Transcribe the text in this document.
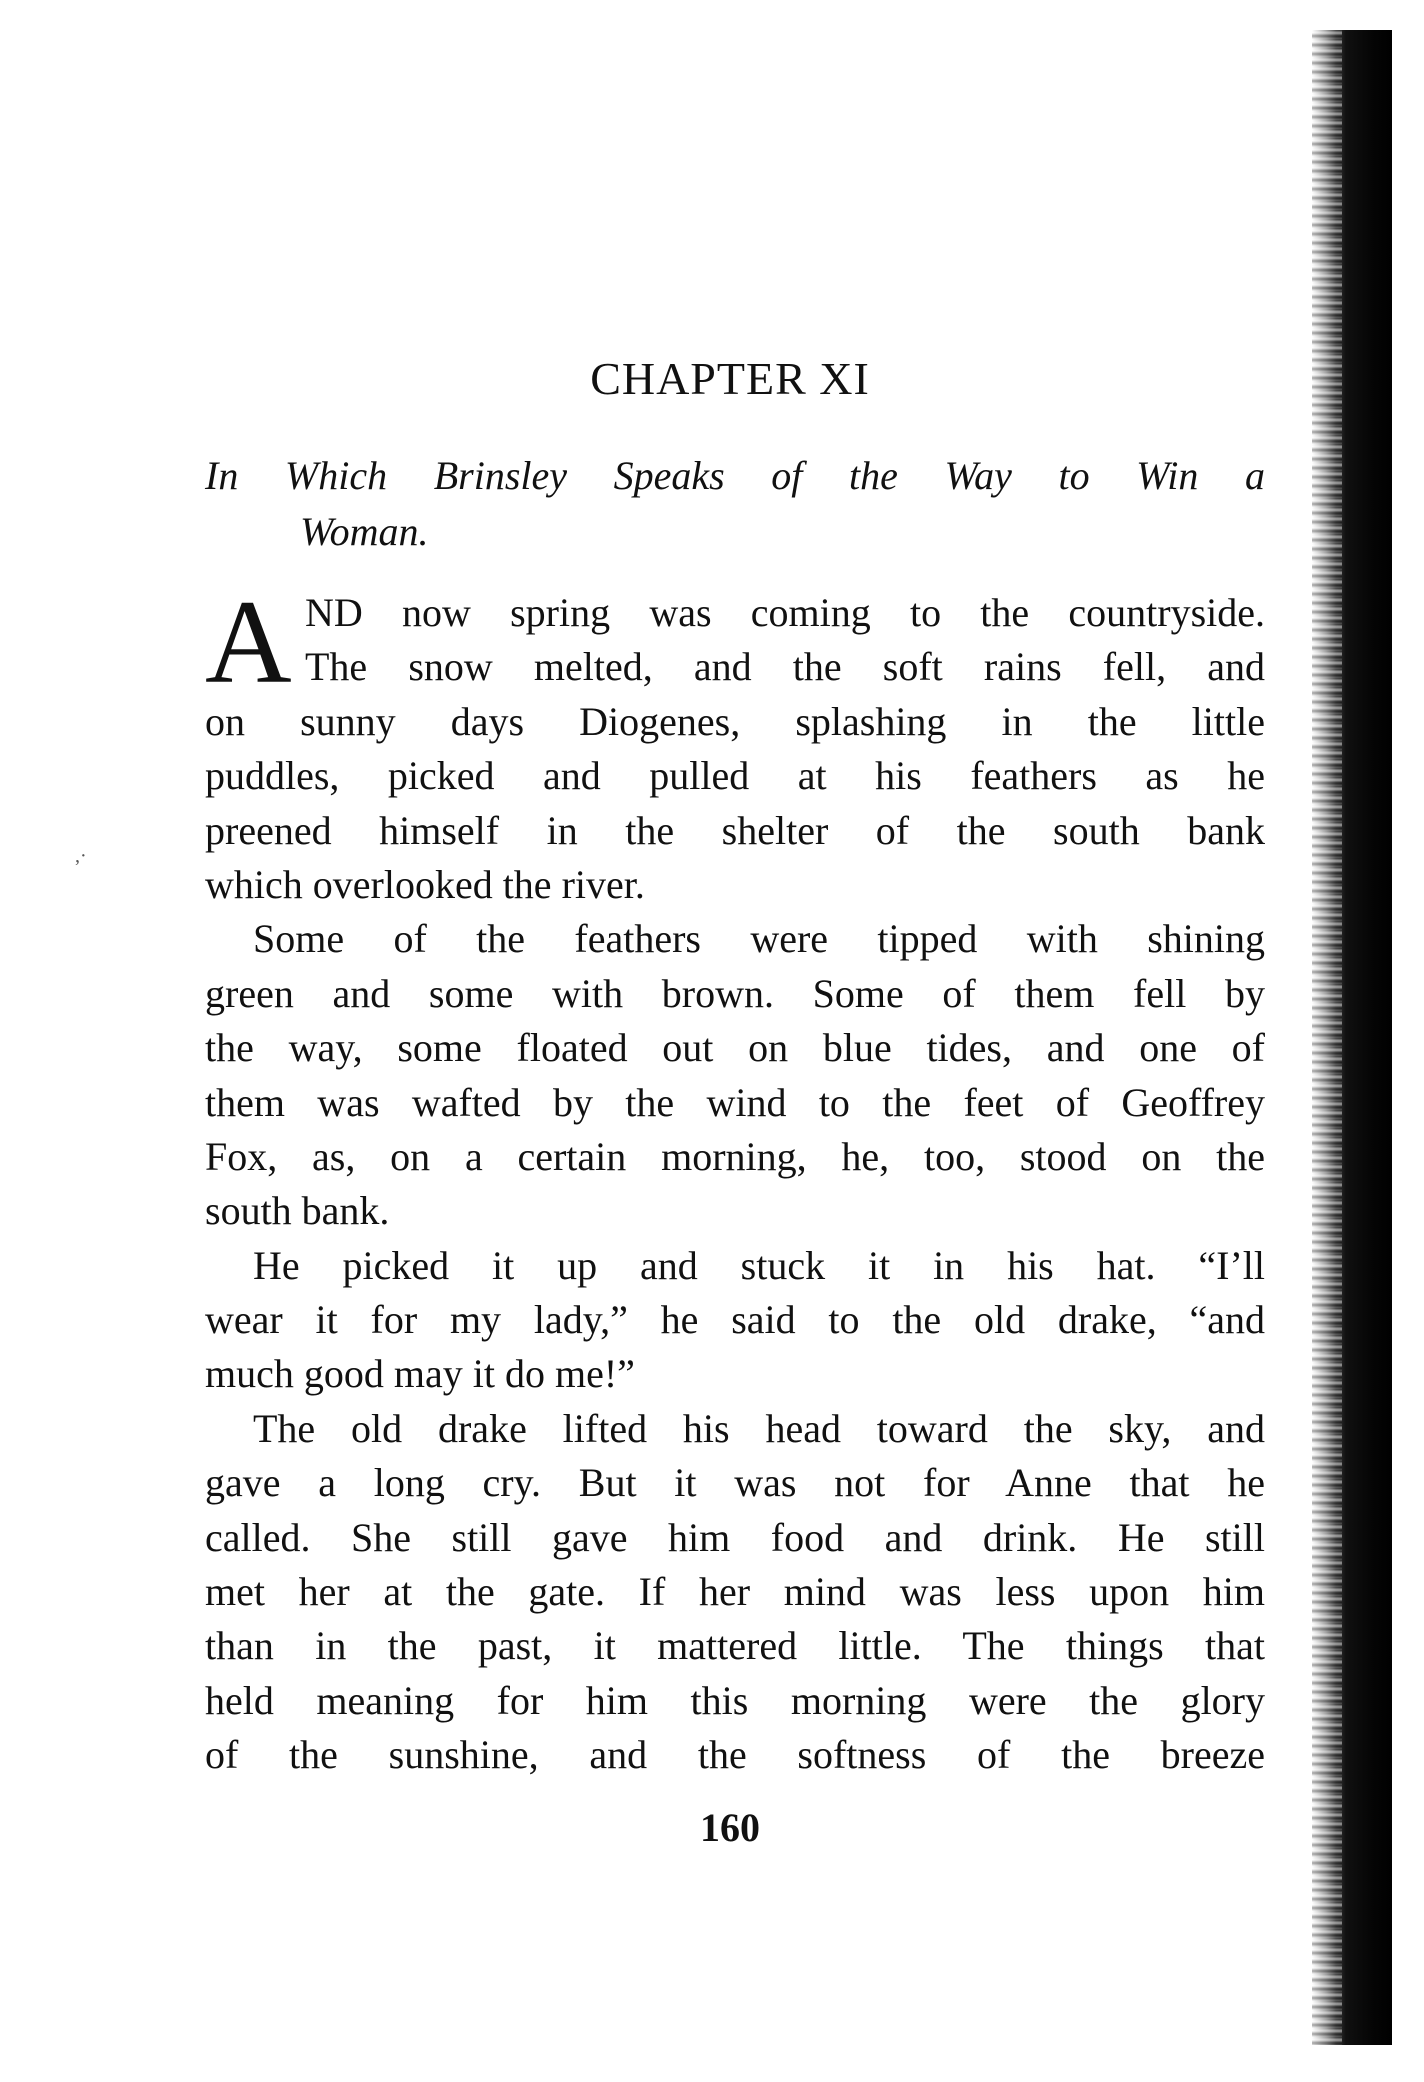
,·
CHAPTER XI

In Which Brinsley Speaks of the Way to Win a

Woman.

A ND now spring was coming to the countryside.
The snow melted, and the soft rains fell, and
on sunny days Diogenes, splashing in the little
puddles, picked and pulled at his feathers as he
preened himself in the shelter of the south bank
which overlooked the river.
Some of the feathers were tipped with shining
green and some with brown. Some of them fell by
the way, some floated out on blue tides, and one of
them was wafted by the wind to the feet of Geoffrey
Fox, as, on a certain morning, he, too, stood on the
south bank.
He picked it up and stuck it in his hat. “I’ll
wear it for my lady,” he said to the old drake, “and
much good may it do me!”
The old drake lifted his head toward the sky, and
gave a long cry. But it was not for Anne that he
called. She still gave him food and drink. He still
met her at the gate. If her mind was less upon him
than in the past, it mattered little. The things that
held meaning for him this morning were the glory
of the sunshine, and the softness of the breeze

160
